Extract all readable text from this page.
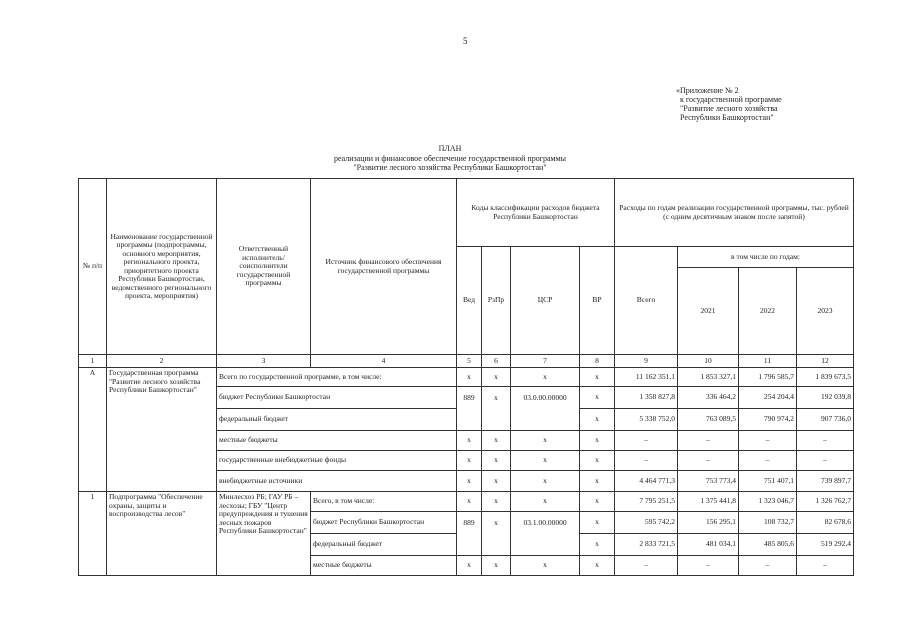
5
«Приложение № 2
к государственной программе
"Развитие лесного хозяйства
Республики Башкортостан"
ПЛАН
реализации и финансовое обеспечение государственной программы
"Развитие лесного хозяйства Республики Башкортостан"
№ п/п	Наименование государственной программы (подпрограммы, основного мероприятия, регионального проекта, приоритетного проекта Республики Башкортостан, ведомственного регионального проекта, мероприятия)	Ответственный исполнитель/ соисполнители государственной программы	Источник финансового обеспечения государственной программы	Коды классификации расходов бюджета Республики Башкортостан				Расходы по годам реализации государственной программы, тыс. рублей (с одним десятичным знаком после запятой)			
				Вед	РзПр	ЦСР	ВР	Всего	в том числе по годам:		
									2021	2022	2023
1	2	3	4	5	6	7	8	9	10	11	12
А	Государственная программа "Развитие лесного хозяйства Республики Башкортостан"	Всего по государственной программе, в том числе:		х	х	х	х	11 162 351,1	1 853 327,1	1 796 585,7	1 839 673,5
		бюджет Республики Башкортостан		889	х	03.0.00.00000	х	1 358 827,8	336 464,2	254 204,4	192 039,8
		федеральный бюджет					х	5 338 752,0	763 089,5	790 974,2	907 736,0
		местные бюджеты		х	х	х	х	–	–	–	–
		государственные внебюджетные фонды		х	х	х	х	–	–	–	–
		внебюджетные источники		х	х	х	х	4 464 771,3	753 773,4	751 407,1	739 897,7
1	Подпрограмма "Обеспечение охраны, защиты и воспроизводства лесов"	Минлесхоз РБ; ГАУ РБ – лесхозы; ГБУ "Центр предупреждения и тушения лесных пожаров Республики Башкортостан"	Всего, в том числе:	х	х	х	х	7 795 251,5	1 375 441,8	1 323 046,7	1 326 762,7
			бюджет Республики Башкортостан	889	х	03.1.00.00000	х	595 742,2	156 295,1	108 732,7	82 678,6
			федеральный бюджет				х	2 833 721,5	481 034,1	485 805,6	519 292,4
			местные бюджеты	х	х	х	х	–	–	–	–
